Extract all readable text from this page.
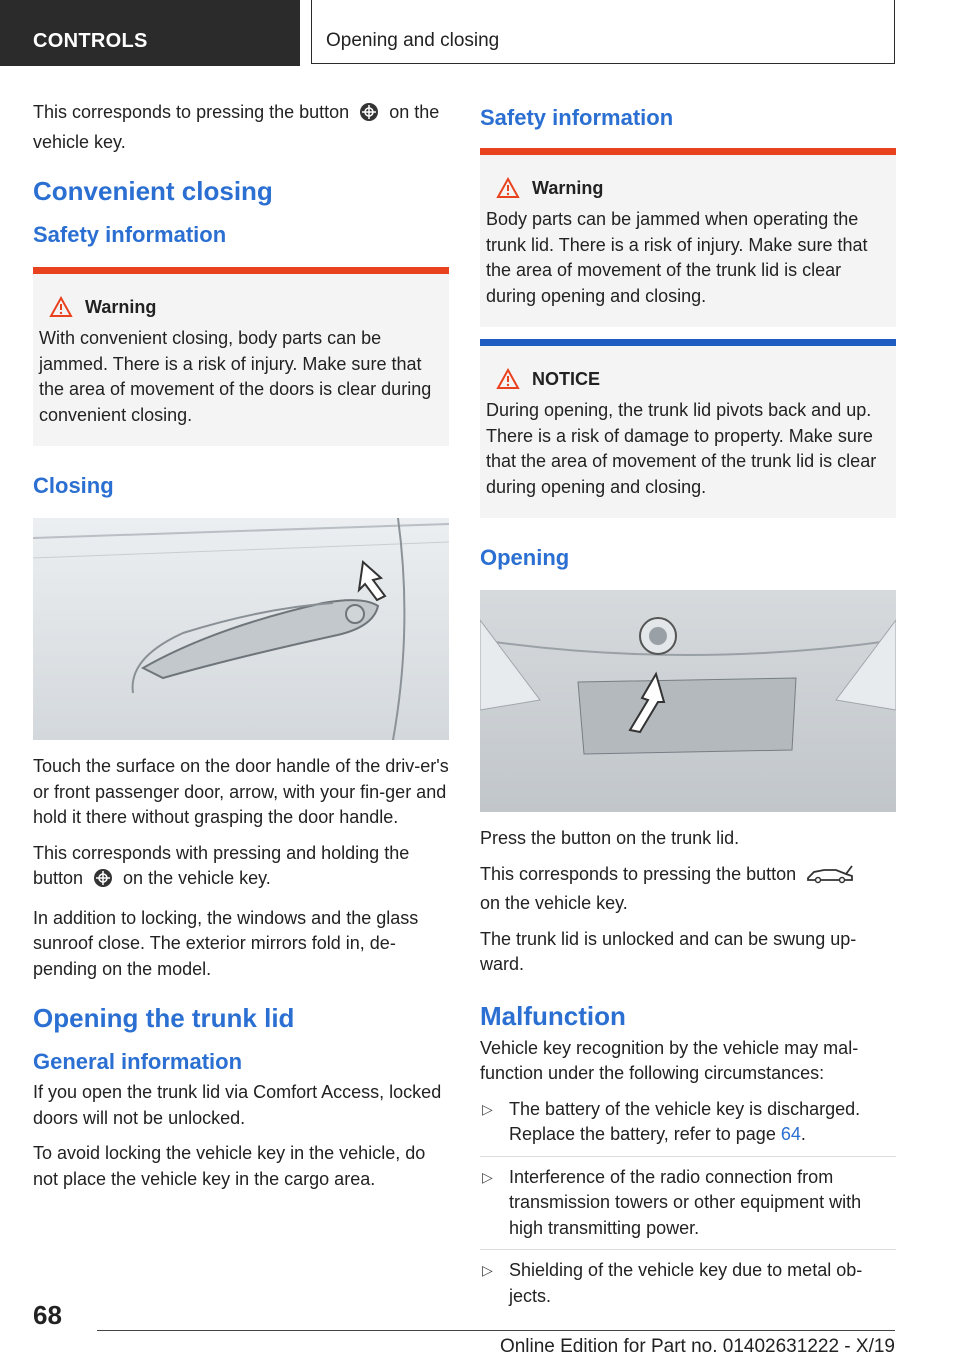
CONTROLS	Opening and closing

This corresponds to pressing the button on the vehicle key.

Convenient closing
Safety information
Warning

With convenient closing, body parts can be jammed. There is a risk of injury. Make sure that the area of movement of the doors is clear during convenient closing.

Closing

Touch the surface on the door handle of the driv-er's or front passenger door, arrow, with your fin-ger and hold it there without grasping the door handle.

This corresponds with pressing and holding the button on the vehicle key.

In addition to locking, the windows and the glass sunroof close. The exterior mirrors fold in, de-pending on the model.

Opening the trunk lid
General information

If you open the trunk lid via Comfort Access, locked doors will not be unlocked.

To avoid locking the vehicle key in the vehicle, do not place the vehicle key in the cargo area.

Safety information
Warning

Body parts can be jammed when operating the trunk lid. There is a risk of injury. Make sure that the area of movement of the trunk lid is clear during opening and closing.

NOTICE

During opening, the trunk lid pivots back and up. There is a risk of damage to property. Make sure that the area of movement of the trunk lid is clear during opening and closing.

Opening

Press the button on the trunk lid.

This corresponds to pressing the button
on the vehicle key.

The trunk lid is unlocked and can be swung up-ward.

Malfunction

Vehicle key recognition by the vehicle may mal-function under the following circumstances:

▷ The battery of the vehicle key is discharged. Replace the battery, refer to page 64.
▷ Interference of the radio connection from transmission towers or other equipment with high transmitting power.
▷ Shielding of the vehicle key due to metal ob-jects.
68
Online Edition for Part no. 01402631222 - X/19
